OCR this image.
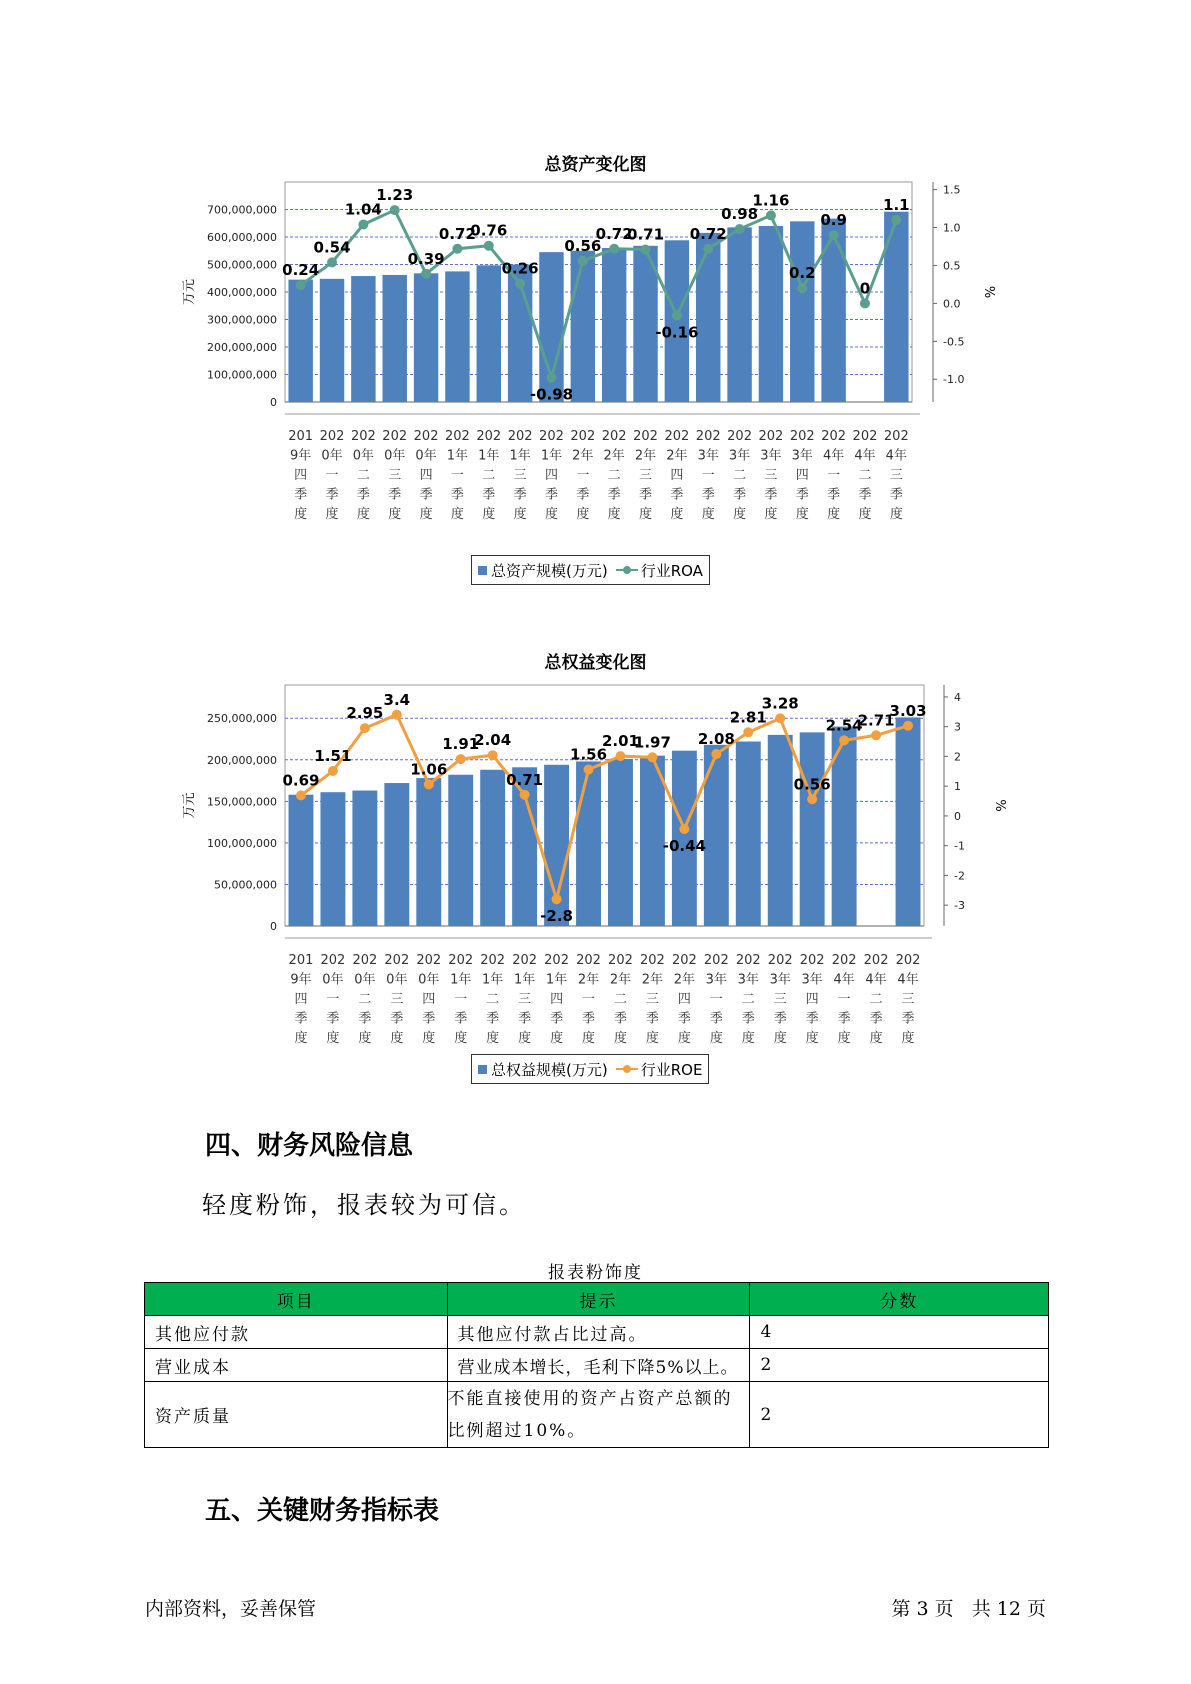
总资产变化图
0
100,000,000
200,000,000
300,000,000
400,000,000
500,000,000
600,000,000
700,000,000
-1.0
-0.5
0.0
0.5
1.0
1.5
万元	%
0.24
0.54
1.04
1.23
0.39
0.72
0.76
0.26
-0.98
0.56
0.72
0.71
-0.16
0.72
0.98
1.16
0.2
0.9
0
1.1
201
9年
四
季
度
202
0年
一
季
度
202
0年
二
季
度
202
0年
三
季
度
202
0年
四
季
度
202
1年
一
季
度
202
1年
二
季
度
202
1年
三
季
度
202
1年
四
季
度
202
2年
一
季
度
202
2年
二
季
度
202
2年
三
季
度
202
2年
四
季
度
202
3年
一
季
度
202
3年
二
季
度
202
3年
三
季
度
202
3年
四
季
度
202
4年
一
季
度
202
4年
二
季
度
202
4年
三
季
度
总资产规模(万元) 行业ROA
总权益变化图
0
50,000,000
100,000,000
150,000,000
200,000,000
250,000,000
-3
-2
-1
0
1
2
3
4
万元	%
0.69
1.51
2.95
3.4
1.06
1.91
2.04
0.71
-2.8
1.56
2.01
1.97
-0.44
2.08
2.81
3.28
0.56
2.54
2.71
3.03
201
9年
四
季
度
202
0年
一
季
度
202
0年
二
季
度
202
0年
三
季
度
202
0年
四
季
度
202
1年
一
季
度
202
1年
二
季
度
202
1年
三
季
度
202
1年
四
季
度
202
2年
一
季
度
202
2年
二
季
度
202
2年
三
季
度
202
2年
四
季
度
202
3年
一
季
度
202
3年
二
季
度
202
3年
三
季
度
202
3年
四
季
度
202
4年
一
季
度
202
4年
二
季
度
202
4年
三
季
度
总权益规模(万元) 行业ROE
四、财务风险信息
轻度粉饰，报表较为可信。
报表粉饰度
项目	提示	分数
其他应付款	其他应付款占比过高。	4
营业成本	营业成本增长，毛利下降5%以上。	2
资产质量	不能直接使用的资产占资产总额的比例超过10%。	2
五、关键财务指标表
内部资料，妥善保管	第 3 页   共 12 页
